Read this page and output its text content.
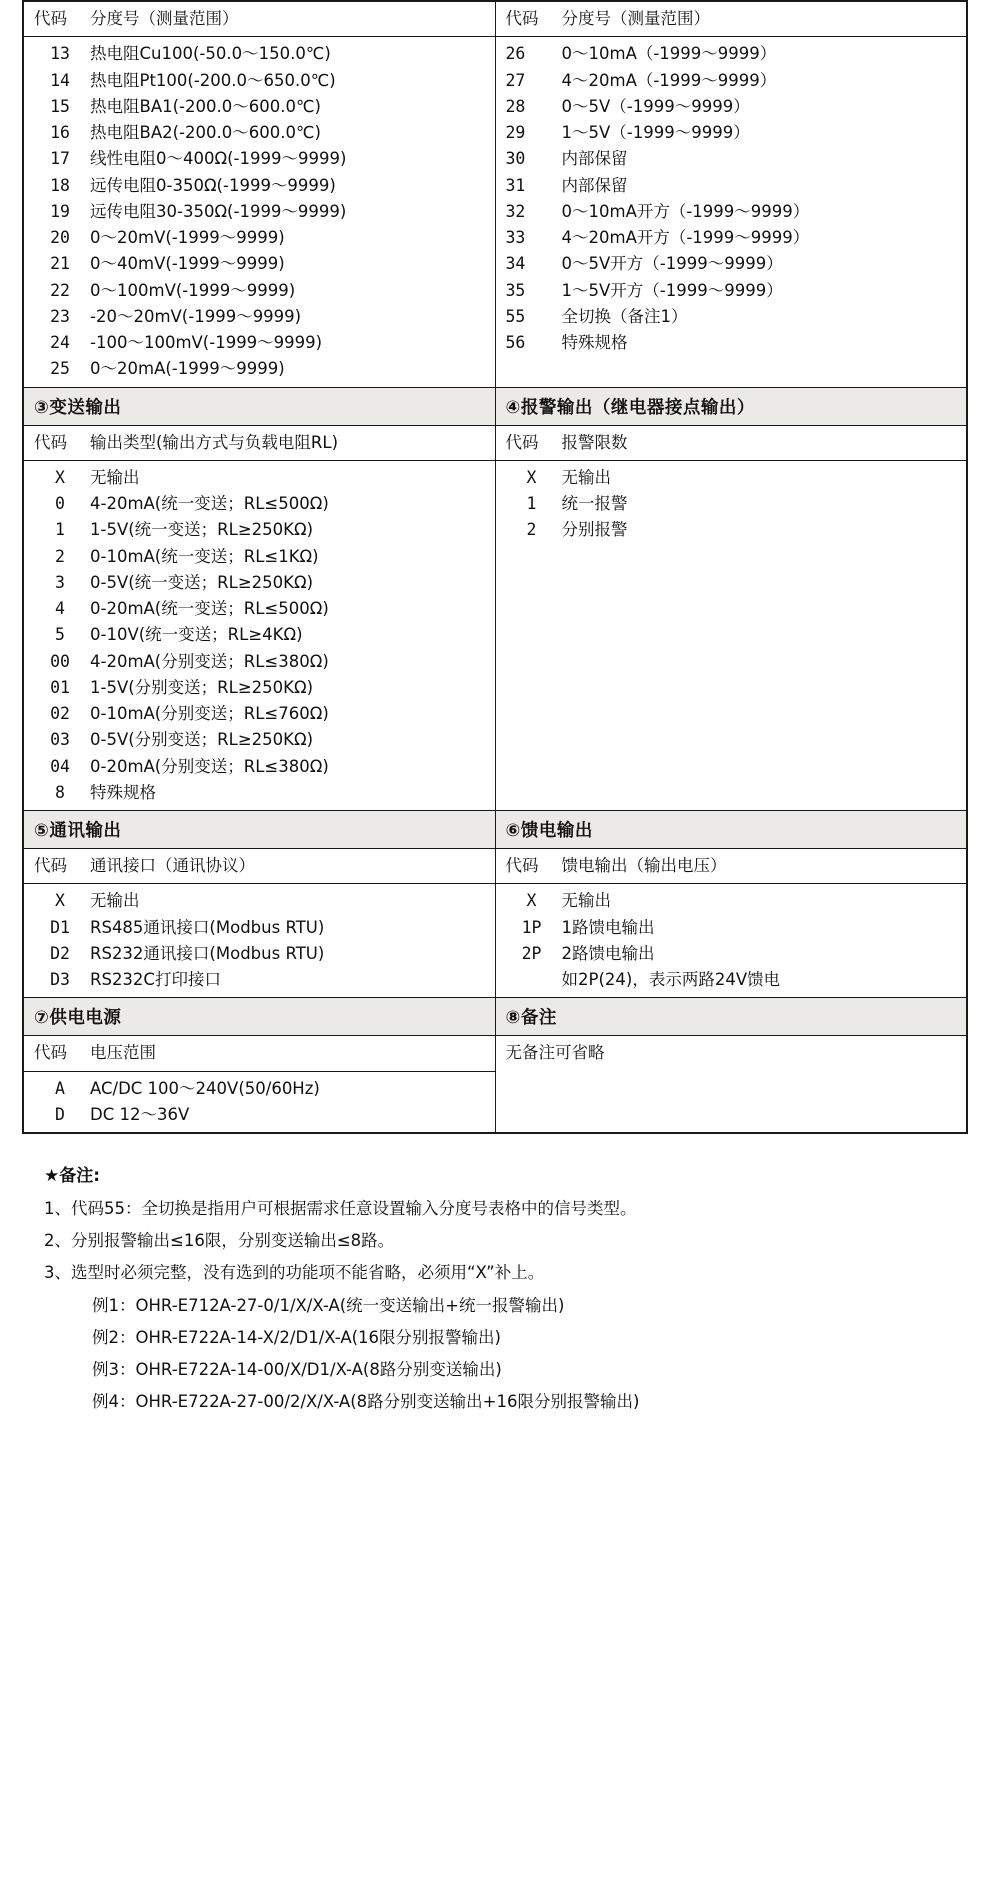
代码	分度号（测量范围）
		代码	分度号（测量范围）

13	热电阻Cu100(-50.0～150.0℃)
14	热电阻Pt100(-200.0～650.0℃)
15	热电阻BA1(-200.0～600.0℃)
16	热电阻BA2(-200.0～600.0℃)
17	线性电阻0～400Ω(-1999～9999)
18	远传电阻0-350Ω(-1999～9999)
19	远传电阻30-350Ω(-1999～9999)
20	0～20mV(-1999～9999)
21	0～40mV(-1999～9999)
22	0～100mV(-1999～9999)
23	-20～20mV(-1999～9999)
24	-100～100mV(-1999～9999)
25	0～20mA(-1999～9999)

26	0～10mA（-1999～9999）
27	4～20mA（-1999～9999）
28	0～5V（-1999～9999）
29	1～5V（-1999～9999）
30	内部保留
31	内部保留
32	0～10mA开方（-1999～9999）
33	4～20mA开方（-1999～9999）
34	0～5V开方（-1999～9999）
35	1～5V开方（-1999～9999）
55	全切换（备注1）
56	特殊规格

③变送输出	④报警输出（继电器接点输出）

代码	输出类型(输出方式与负载电阻RL)
		代码	报警限数

X	无输出
0	4-20mA(统一变送；RL≤500Ω)
1	1-5V(统一变送；RL≥250KΩ)
2	0-10mA(统一变送；RL≤1KΩ)
3	0-5V(统一变送；RL≥250KΩ)
4	0-20mA(统一变送；RL≤500Ω)
5	0-10V(统一变送；RL≥4KΩ)
00	4-20mA(分别变送；RL≤380Ω)
01	1-5V(分别变送；RL≥250KΩ)
02	0-10mA(分别变送；RL≤760Ω)
03	0-5V(分别变送；RL≥250KΩ)
04	0-20mA(分别变送；RL≤380Ω)
8	特殊规格

X	无输出
1	统一报警
2	分别报警

⑤通讯输出	⑥馈电输出

代码	通讯接口（通讯协议）
		代码	馈电输出（输出电压）

X	无输出
D1	RS485通讯接口(Modbus RTU)
D2	RS232通讯接口(Modbus RTU)
D3	RS232C打印接口

X	无输出
1P	1路馈电输出
2P	2路馈电输出
	如2P(24)，表示两路24V馈电

⑦供电电源	⑧备注

代码	电压范围
		无备注可省略

A	AC/DC 100～240V(50/60Hz)
D	DC 12～36V
★备注:
1、代码55：全切换是指用户可根据需求任意设置输入分度号表格中的信号类型。
2、分别报警输出≤16限，分别变送输出≤8路。
3、选型时必须完整，没有选到的功能项不能省略，必须用“X”补上。
例1：OHR-E712A-27-0/1/X/X-A(统一变送输出+统一报警输出)
例2：OHR-E722A-14-X/2/D1/X-A(16限分别报警输出)
例3：OHR-E722A-14-00/X/D1/X-A(8路分别变送输出)
例4：OHR-E722A-27-00/2/X/X-A(8路分别变送输出+16限分别报警输出)
